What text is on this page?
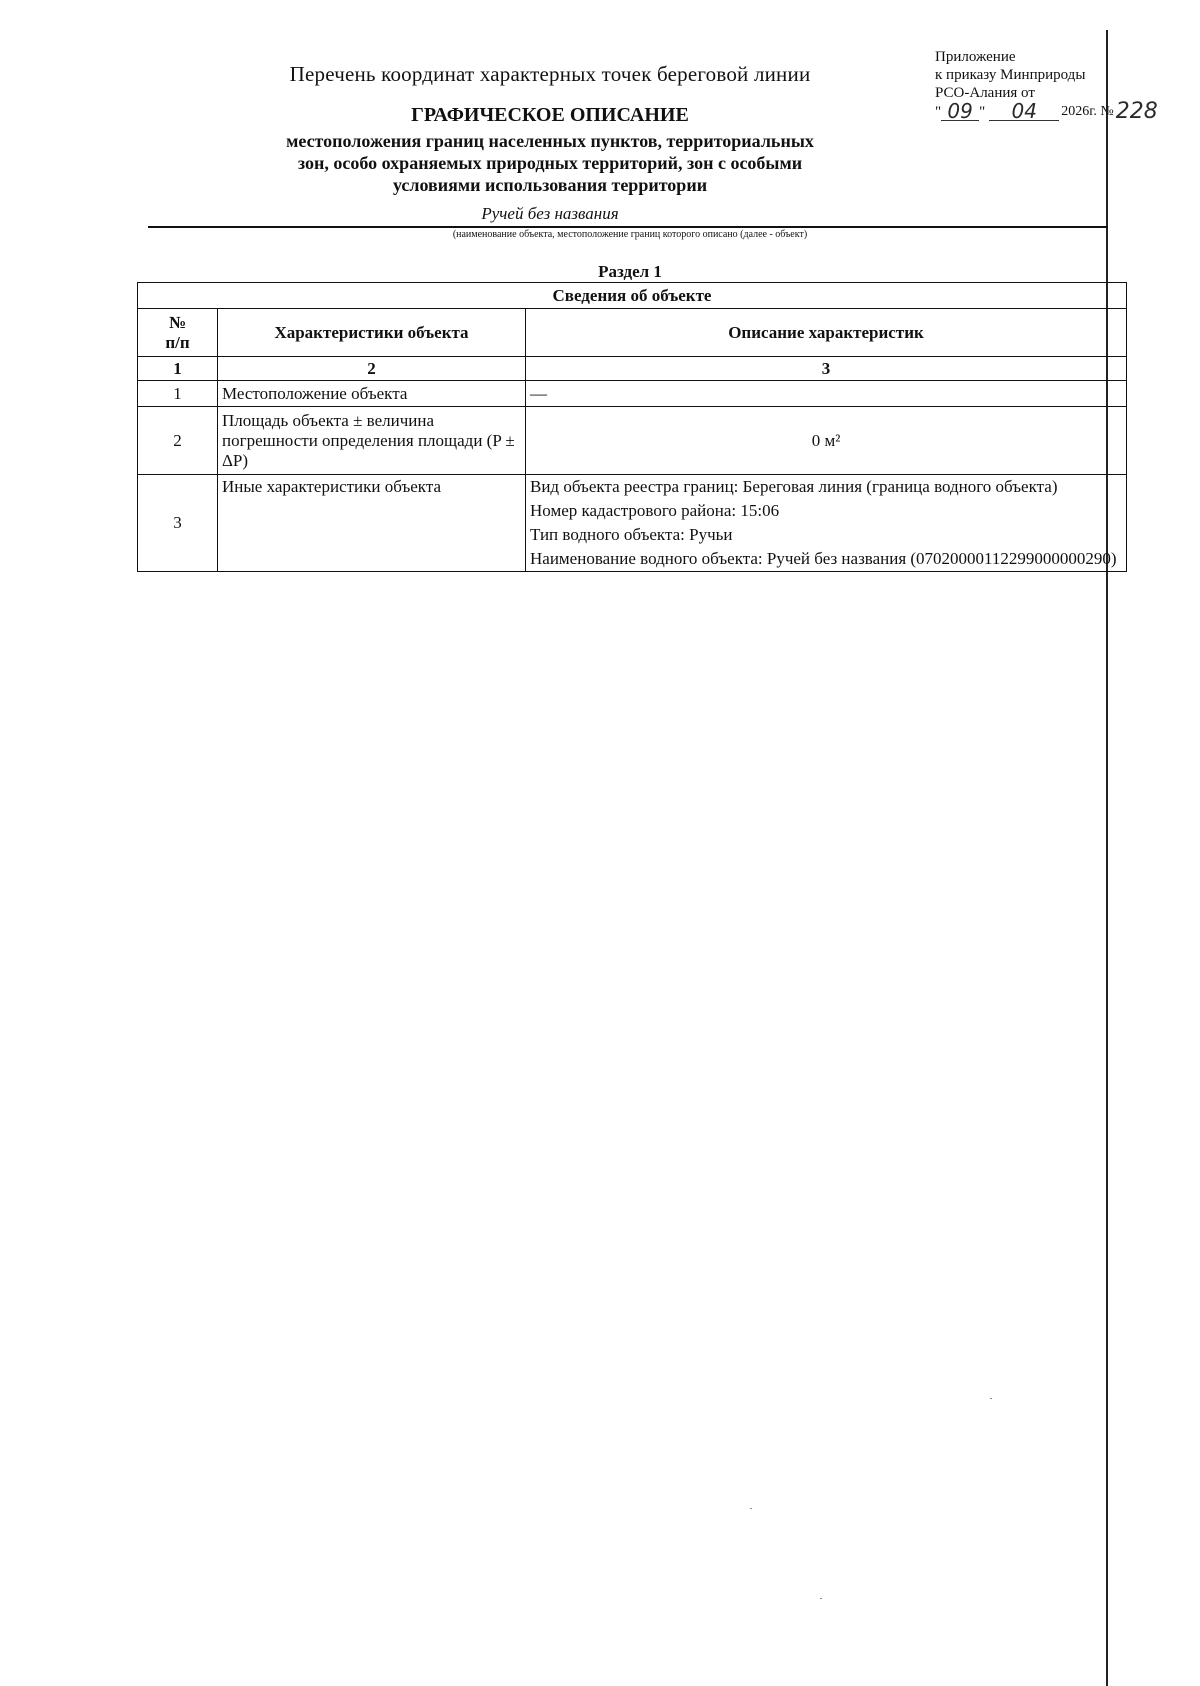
Приложение
к приказу Минприроды
РСО-Алания от
" 09 "	04	2026г. № 228
Перечень координат характерных точек береговой линии
ГРАФИЧЕСКОЕ ОПИСАНИЕ
местоположения границ населенных пунктов, территориальных
зон, особо охраняемых природных территорий, зон с особыми
условиями использования территории
Ручей без названия
(наименование объекта, местоположение границ которого описано (далее - объект)
Раздел 1
Сведения об объекте		

№
п/п	Характеристики объекта	Описание характеристик
1	2	3
1	Местоположение объекта	—
2	Площадь объекта ± величина погрешности определения площади (P ± ΔP)	0 м²
3	Иные характеристики объекта	Вид объекта реестра границ: Береговая линия (граница водного объекта)
Номер кадастрового района: 15:06
Тип водного объекта: Ручьи
Наименование водного объекта: Ручей без названия (07020000112299000000290)
